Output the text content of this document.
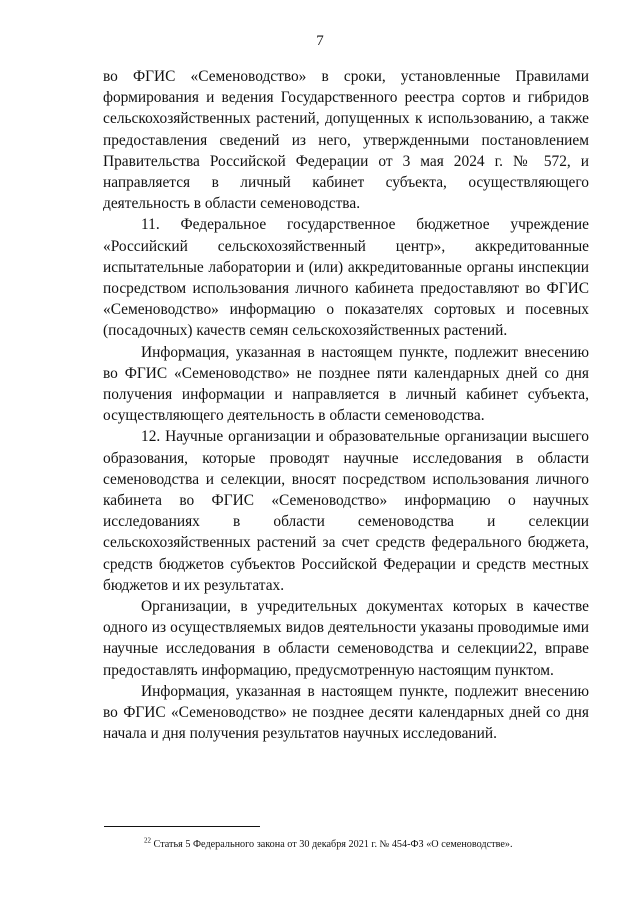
7

во ФГИС «Семеноводство» в сроки, установленные Правилами формирования и ведения Государственного реестра сортов и гибридов сельскохозяйственных растений, допущенных к использованию, а также предоставления сведений из него, утвержденными постановлением Правительства Российской Федерации от 3 мая 2024 г. № 572, и направляется в личный кабинет субъекта, осуществляющего деятельность в области семеноводства.

11. Федеральное государственное бюджетное учреждение «Российский сельскохозяйственный центр», аккредитованные испытательные лаборатории и (или) аккредитованные органы инспекции посредством использования личного кабинета предоставляют во ФГИС «Семеноводство» информацию о показателях сортовых и посевных (посадочных) качеств семян сельскохозяйственных растений.

Информация, указанная в настоящем пункте, подлежит внесению во ФГИС «Семеноводство» не позднее пяти календарных дней со дня получения информации и направляется в личный кабинет субъекта, осуществляющего деятельность в области семеноводства.

12. Научные организации и образовательные организации высшего образования, которые проводят научные исследования в области семеноводства и селекции, вносят посредством использования личного кабинета во ФГИС «Семеноводство» информацию о научных исследованиях в области семеноводства и селекции сельскохозяйственных растений за счет средств федерального бюджета, средств бюджетов субъектов Российской Федерации и средств местных бюджетов и их результатах.

Организации, в учредительных документах которых в качестве одного из осуществляемых видов деятельности указаны проводимые ими научные исследования в области семеноводства и селекции22, вправе предоставлять информацию, предусмотренную настоящим пунктом.

Информация, указанная в настоящем пункте, подлежит внесению во ФГИС «Семеноводство» не позднее десяти календарных дней со дня начала и дня получения результатов научных исследований.

$^{22}$ Статья 5 Федерального закона от 30 декабря 2021 г. № 454-ФЗ «О семеноводстве».
